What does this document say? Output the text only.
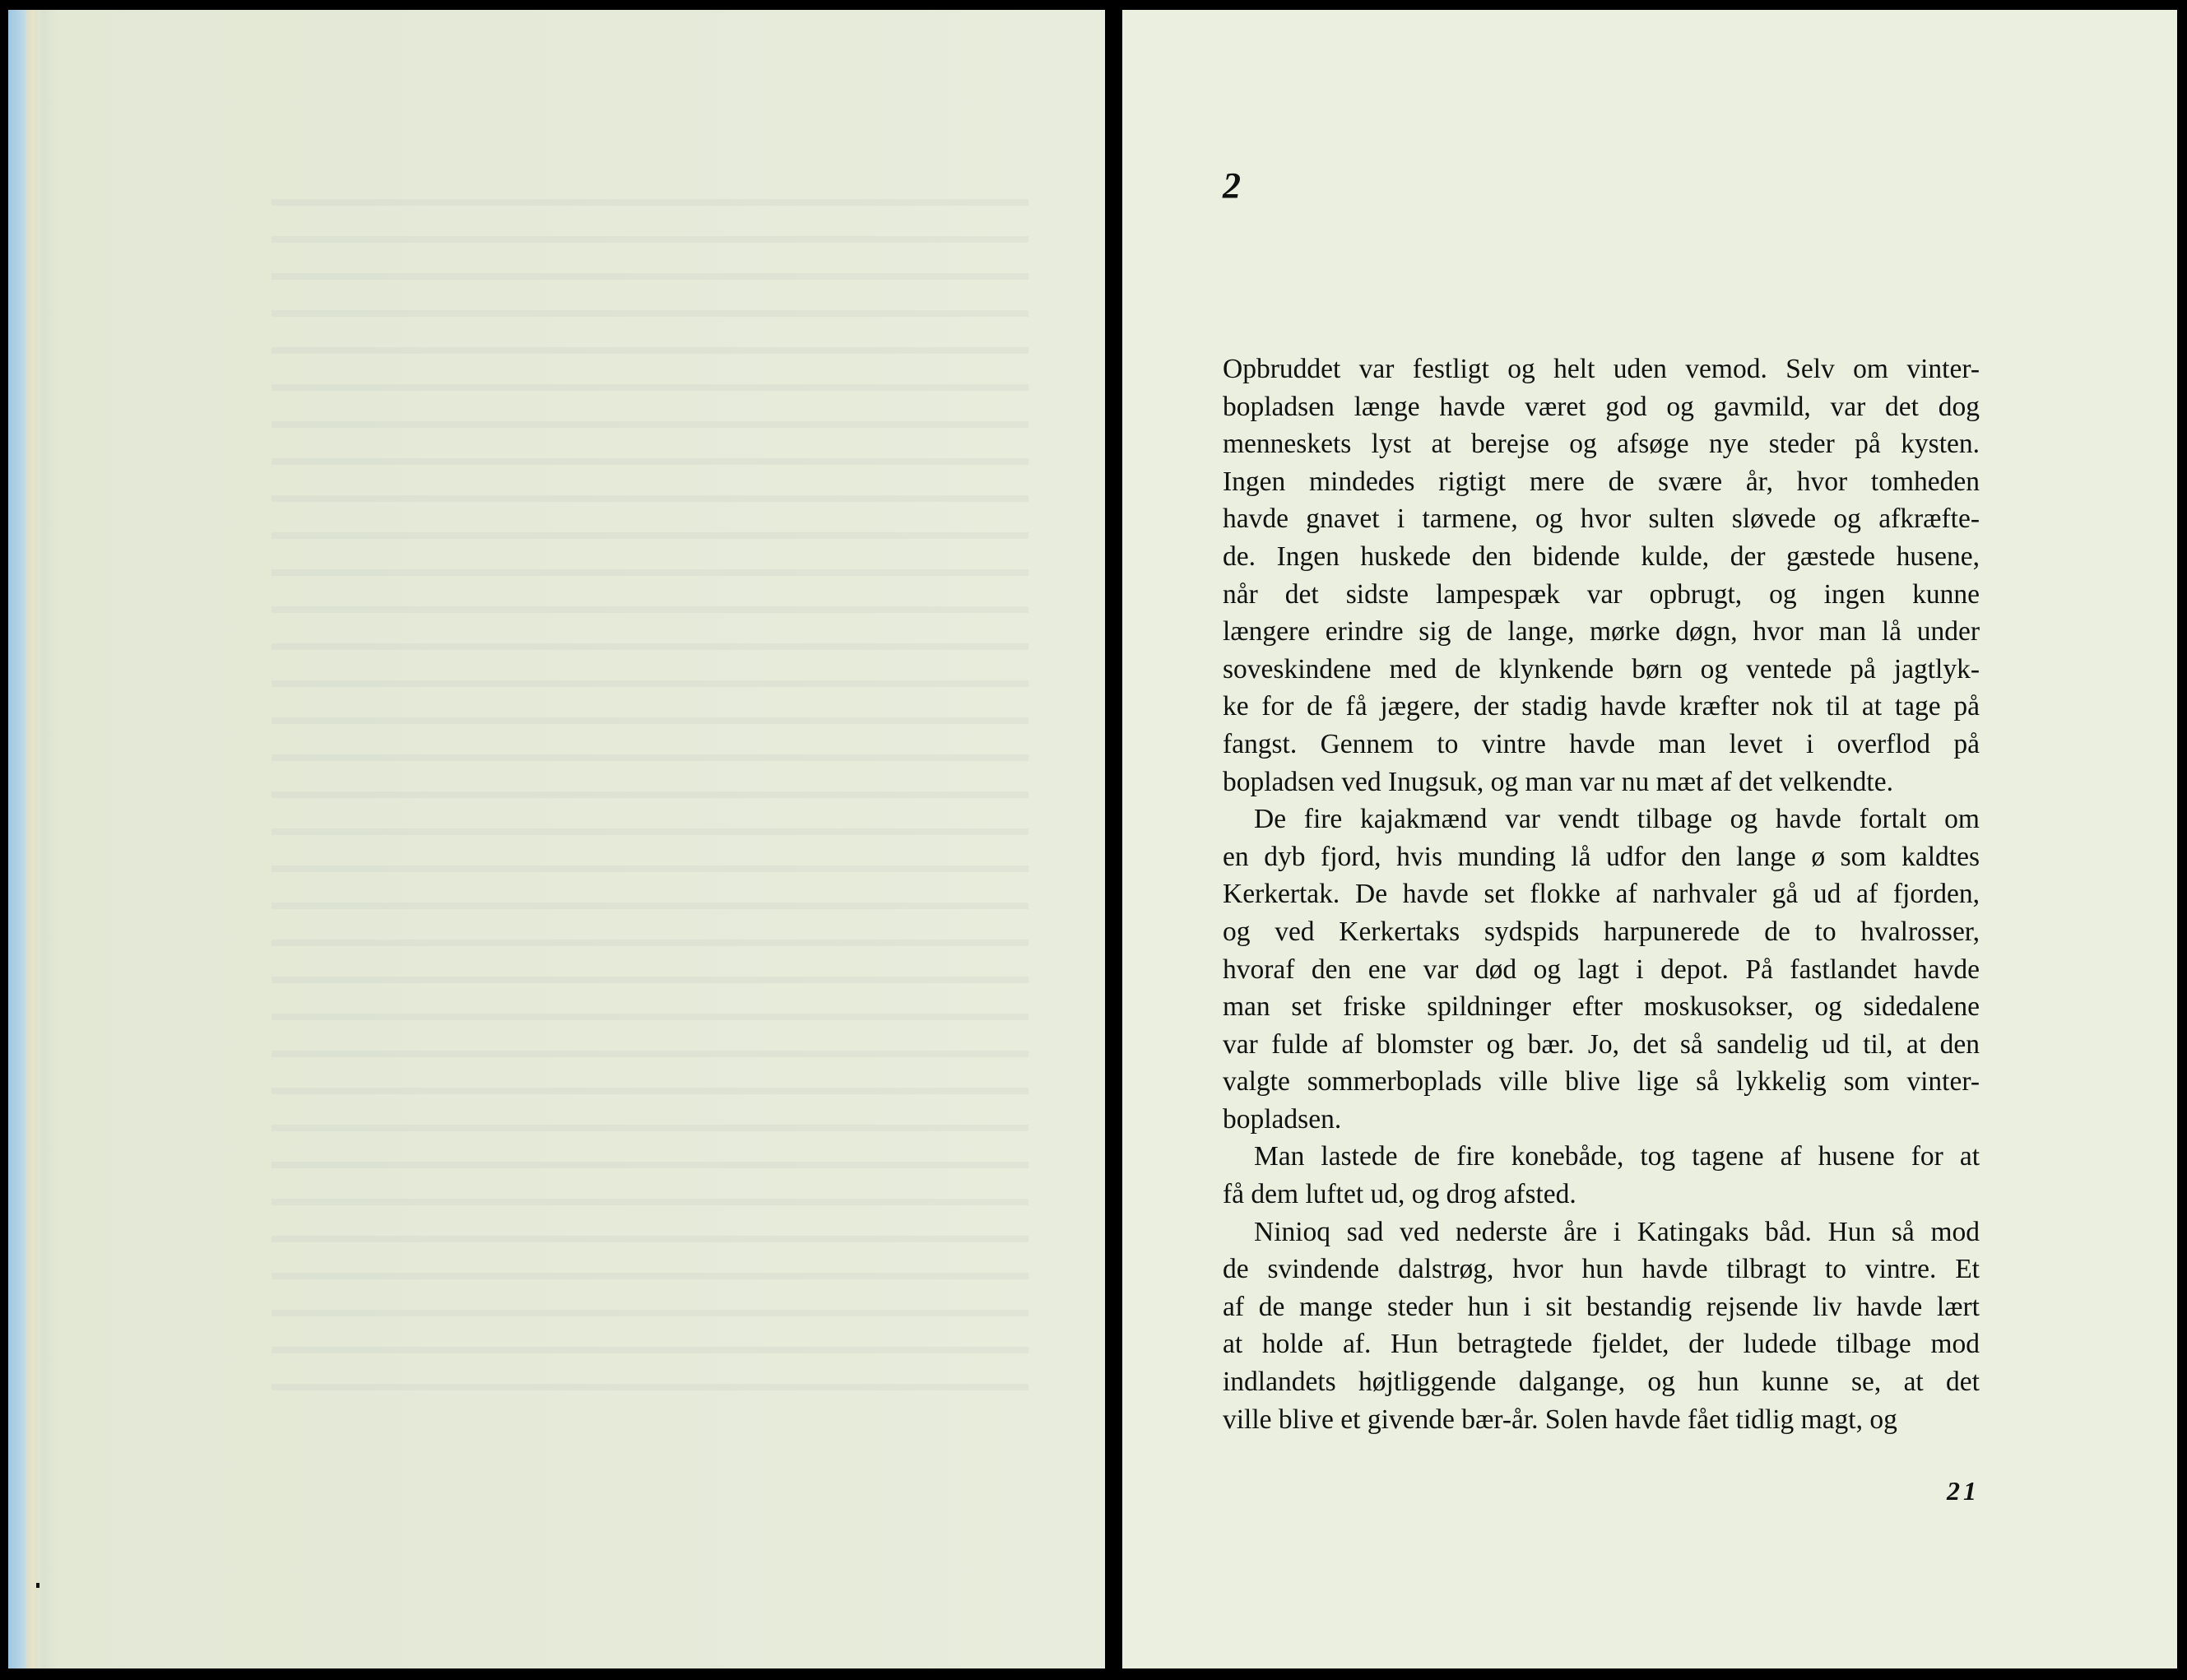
2
Opbruddet var festligt og helt uden vemod. Selv om vinter-
bopladsen længe havde været god og gavmild, var det dog
menneskets lyst at berejse og afsøge nye steder på kysten.
Ingen mindedes rigtigt mere de svære år, hvor tomheden
havde gnavet i tarmene, og hvor sulten sløvede og afkræfte-
de. Ingen huskede den bidende kulde, der gæstede husene,
når det sidste lampespæk var opbrugt, og ingen kunne
længere erindre sig de lange, mørke døgn, hvor man lå under
soveskindene med de klynkende børn og ventede på jagtlyk-
ke for de få jægere, der stadig havde kræfter nok til at tage på
fangst. Gennem to vintre havde man levet i overflod på
bopladsen ved Inugsuk, og man var nu mæt af det velkendte.
De fire kajakmænd var vendt tilbage og havde fortalt om
en dyb fjord, hvis munding lå udfor den lange ø som kaldtes
Kerkertak. De havde set flokke af narhvaler gå ud af fjorden,
og ved Kerkertaks sydspids harpunerede de to hvalrosser,
hvoraf den ene var død og lagt i depot. På fastlandet havde
man set friske spildninger efter moskusokser, og sidedalene
var fulde af blomster og bær. Jo, det så sandelig ud til, at den
valgte sommerboplads ville blive lige så lykkelig som vinter-
bopladsen.
Man lastede de fire konebåde, tog tagene af husene for at
få dem luftet ud, og drog afsted.
Ninioq sad ved nederste åre i Katingaks båd. Hun så mod
de svindende dalstrøg, hvor hun havde tilbragt to vintre. Et
af de mange steder hun i sit bestandig rejsende liv havde lært
at holde af. Hun betragtede fjeldet, der ludede tilbage mod
indlandets højtliggende dalgange, og hun kunne se, at det
ville blive et givende bær-år. Solen havde fået tidlig magt, og
21
